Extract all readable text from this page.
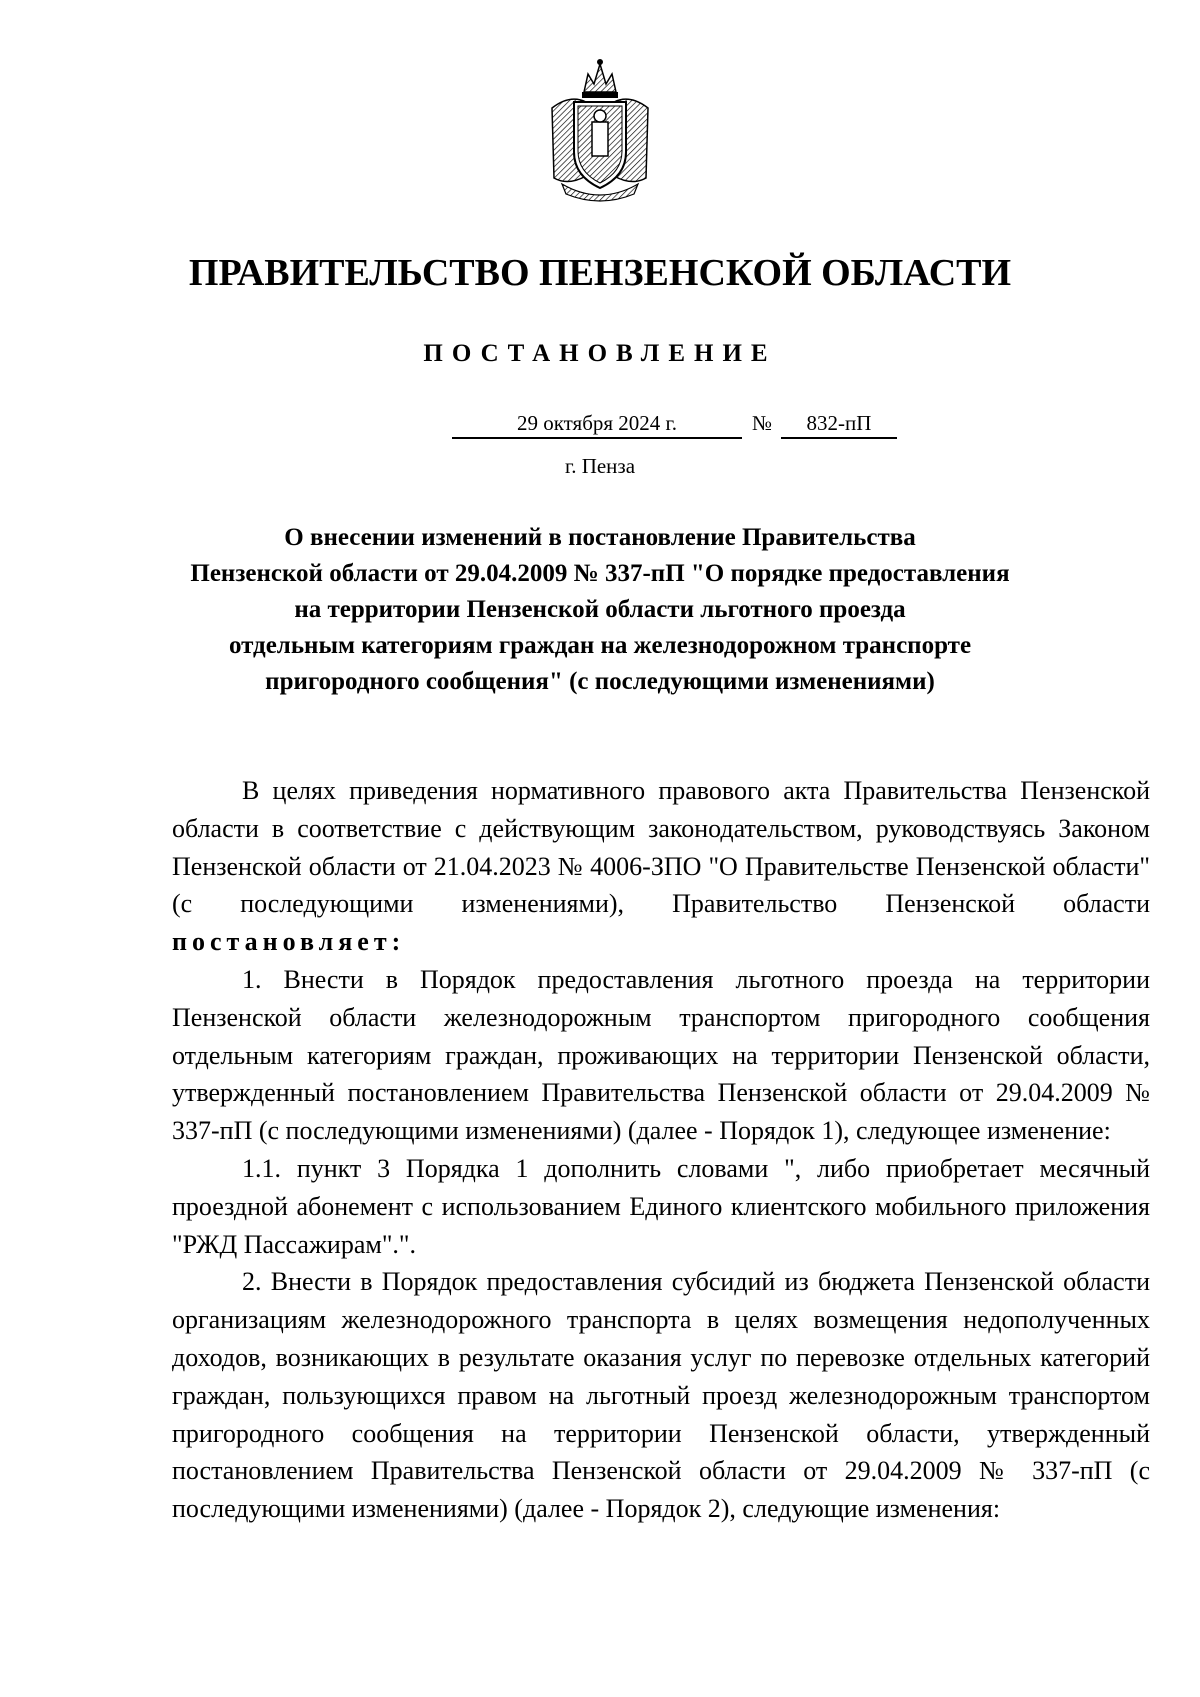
ПРАВИТЕЛЬСТВО ПЕНЗЕНСКОЙ ОБЛАСТИ
ПОСТАНОВЛЕНИЕ
29 октября 2024 г.	№	832-пП
г. Пенза
О внесении изменений в постановление Правительства
Пензенской области от 29.04.2009 № 337-пП "О порядке предоставления
на территории Пензенской области льготного проезда
отдельным категориям граждан на железнодорожном транспорте
пригородного сообщения" (с последующими изменениями)

В целях приведения нормативного правового акта Правительства Пензенской области в соответствие с действующим законодательством, руководствуясь Законом Пензенской области от 21.04.2023 № 4006-ЗПО "О Правительстве Пензенской области" (с последующими изменениями), Правительство Пензенской области постановляет:

1. Внести в Порядок предоставления льготного проезда на территории Пензенской области железнодорожным транспортом пригородного сообщения отдельным категориям граждан, проживающих на территории Пензенской области, утвержденный постановлением Правительства Пензенской области от 29.04.2009 № 337-пП (с последующими изменениями) (далее - Порядок 1), следующее изменение:

1.1. пункт 3 Порядка 1 дополнить словами ", либо приобретает месячный проездной абонемент с использованием Единого клиентского мобильного приложения "РЖД Пассажирам".".

2. Внести в Порядок предоставления субсидий из бюджета Пензенской области организациям железнодорожного транспорта в целях возмещения недополученных доходов, возникающих в результате оказания услуг по перевозке отдельных категорий граждан, пользующихся правом на льготный проезд железнодорожным транспортом пригородного сообщения на территории Пензенской области, утвержденный постановлением Правительства Пензенской области от 29.04.2009 № 337-пП (с последующими изменениями) (далее - Порядок 2), следующие изменения:
